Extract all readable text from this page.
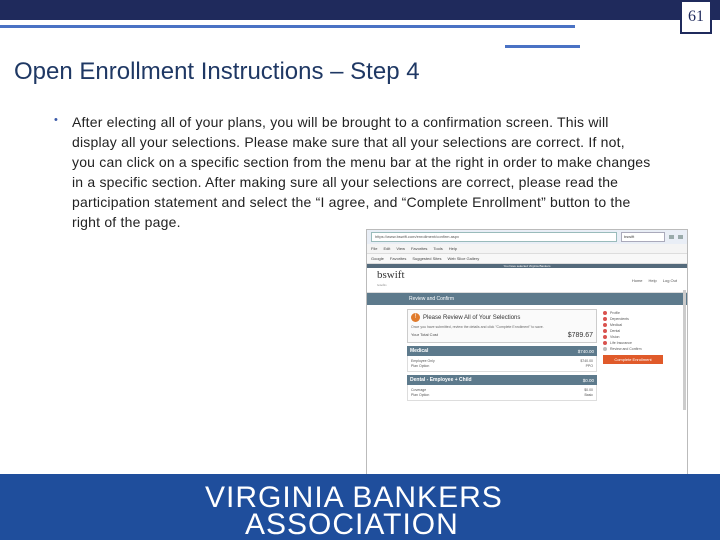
61
Open Enrollment Instructions – Step 4
• After electing all of your plans, you will be brought to a confirmation screen. This will display all your selections. Please make sure that all your selections are correct. If not, you can click on a specific section from the menu bar at the right in order to make changes in a specific section. After making sure all your selections are correct, please read the participation statement and select the “I agree, and “Complete Enrollment” button to the right of the page.
https://www.bswift.com/enrollment/confirm.aspx	bswift
File Edit View Favorites Tools Help
Google Favorites Suggested Sites Web Slice Gallery
You have selected Virginia Bankers
bswift
benefits
Home Help Log Out
Review and Confirm
!	Please Review All of Your Selections
Once you have submitted, review the details and click "Complete Enrollment" to save.
Your Total Cost	$789.67
Medical	$740.00
Employee Only	$740.00
Plan Option	PPO
Dental - Employee + Child	$0.00
Coverage	$0.00
Plan Option	Basic
Profile
Dependents
Medical
Dental
Vision
Life Insurance
Review and Confirm
Complete Enrollment
VIRGINIA BANKERS
ASSOCIATION
